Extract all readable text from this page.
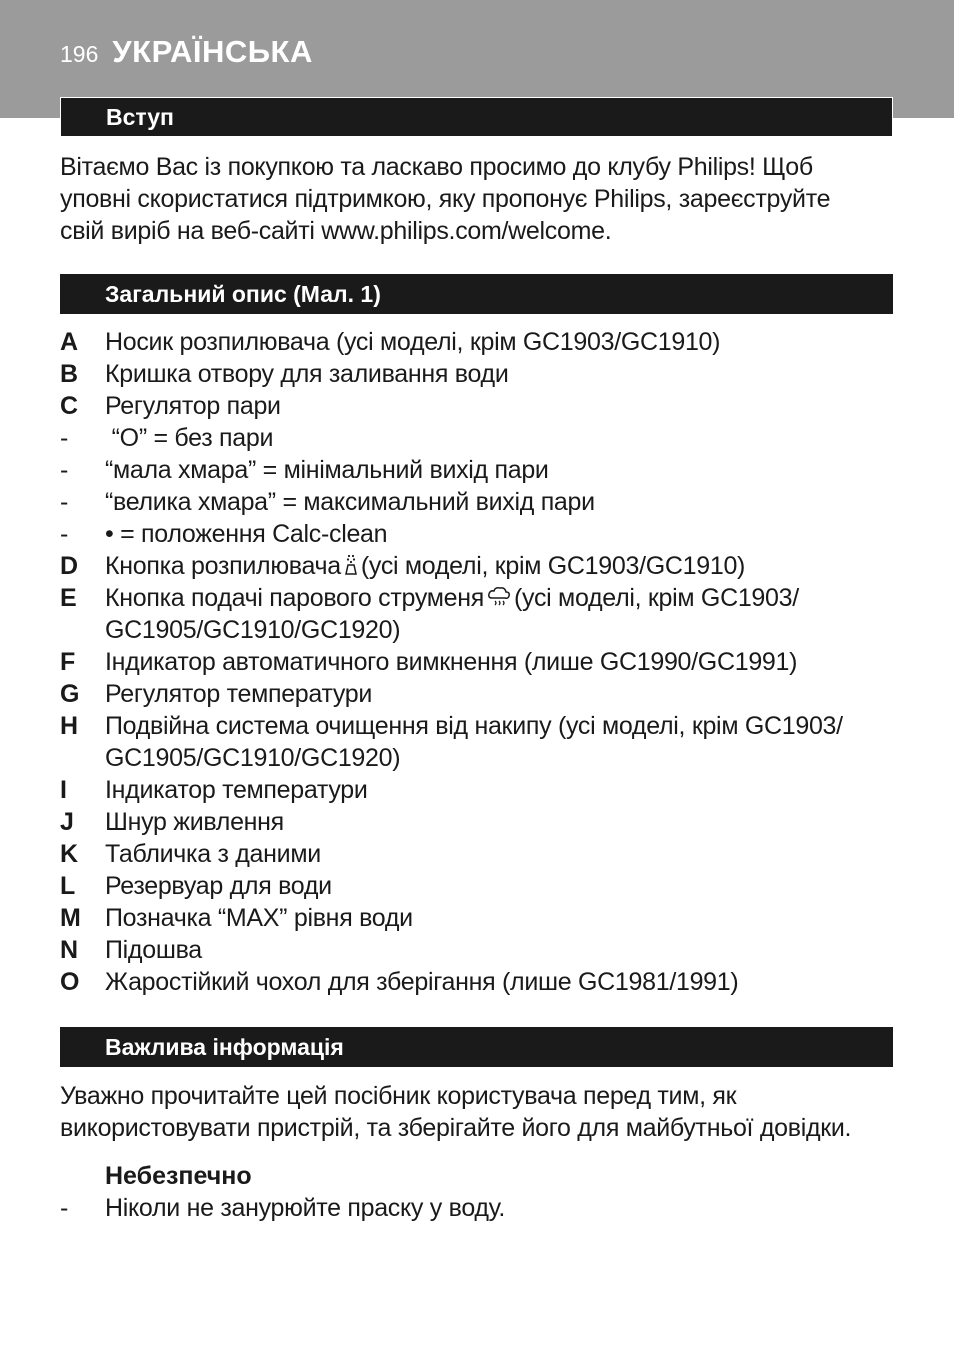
196 УКРАЇНСЬКА
Вступ

Вітаємо Вас із покупкою та ласкаво просимо до клубу Philips! Щоб
уповні скористатися підтримкою, яку пропонує Philips, зареєструйте
свій виріб на веб-сайті www.philips.com/welcome.

Загальний опис (Мал. 1)
A	Носик розпилювача (усі моделі, крім GC1903/GC1910)
B	Кришка отвору для заливання води
C	Регулятор пари
-	“O” = без пари
-	“мала хмара” = мінімальний вихід пари
-	“велика хмара” = максимальний вихід пари
-	• = положення Calc-clean
D	Кнопка розпилювача (усі моделі, крім GC1903/GC1910)
E	Кнопка подачі парового струменя (усі моделі, крім GC1903/
GC1905/GC1910/GC1920)
F	Індикатор автоматичного вимкнення (лише GC1990/GC1991)
G	Регулятор температури
H	Подвійна система очищення від накипу (усі моделі, крім GC1903/
GC1905/GC1910/GC1920)
I	Індикатор температури
J	Шнур живлення
K	Табличка з даними
L	Резервуар для води
M Позначка “MAX” рівня води
N	Підошва
O	Жаростійкий чохол для зберігання (лише GC1981/1991)
Важлива інформація

Уважно прочитайте цей посібник користувача перед тим, як
використовувати пристрій, та зберігайте його для майбутньої довідки.

Небезпечно
-	Ніколи не занурюйте праску у воду.
